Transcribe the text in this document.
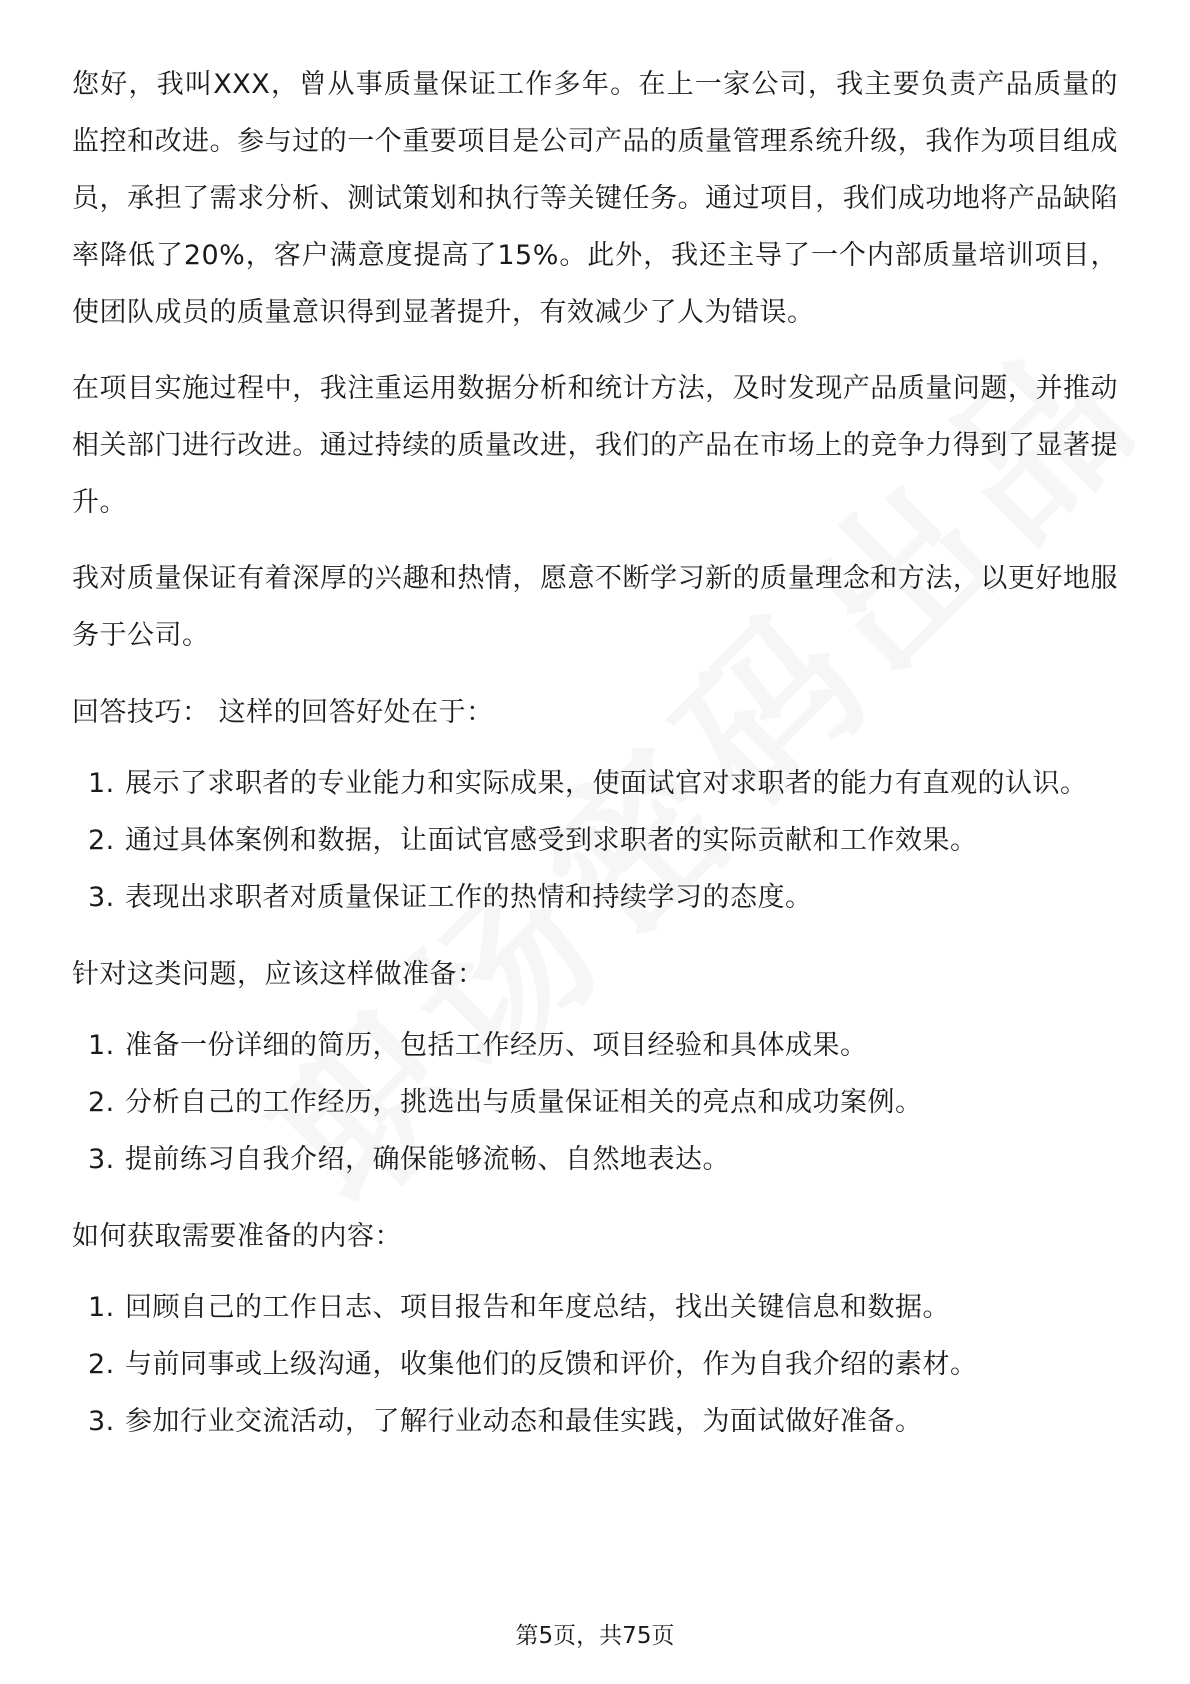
您好，我叫XXX，曾从事质量保证工作多年。在上一家公司，我主要负责产品质量的监控和改进。参与过的一个重要项目是公司产品的质量管理系统升级，我作为项目组成员，承担了需求分析、测试策划和执行等关键任务。通过项目，我们成功地将产品缺陷率降低了20%，客户满意度提高了15%。此外，我还主导了一个内部质量培训项目，使团队成员的质量意识得到显著提升，有效减少了人为错误。

在项目实施过程中，我注重运用数据分析和统计方法，及时发现产品质量问题，并推动相关部门进行改进。通过持续的质量改进，我们的产品在市场上的竞争力得到了显著提升。

我对质量保证有着深厚的兴趣和热情，愿意不断学习新的质量理念和方法，以更好地服务于公司。

回答技巧： 这样的回答好处在于：

1. 展示了求职者的专业能力和实际成果，使面试官对求职者的能力有直观的认识。
2. 通过具体案例和数据，让面试官感受到求职者的实际贡献和工作效果。
3. 表现出求职者对质量保证工作的热情和持续学习的态度。

针对这类问题，应该这样做准备：

1. 准备一份详细的简历，包括工作经历、项目经验和具体成果。
2. 分析自己的工作经历，挑选出与质量保证相关的亮点和成功案例。
3. 提前练习自我介绍，确保能够流畅、自然地表达。

如何获取需要准备的内容：

1. 回顾自己的工作日志、项目报告和年度总结，找出关键信息和数据。
2. 与前同事或上级沟通，收集他们的反馈和评价，作为自我介绍的素材。
3. 参加行业交流活动，了解行业动态和最佳实践，为面试做好准备。
第5页，共75页
